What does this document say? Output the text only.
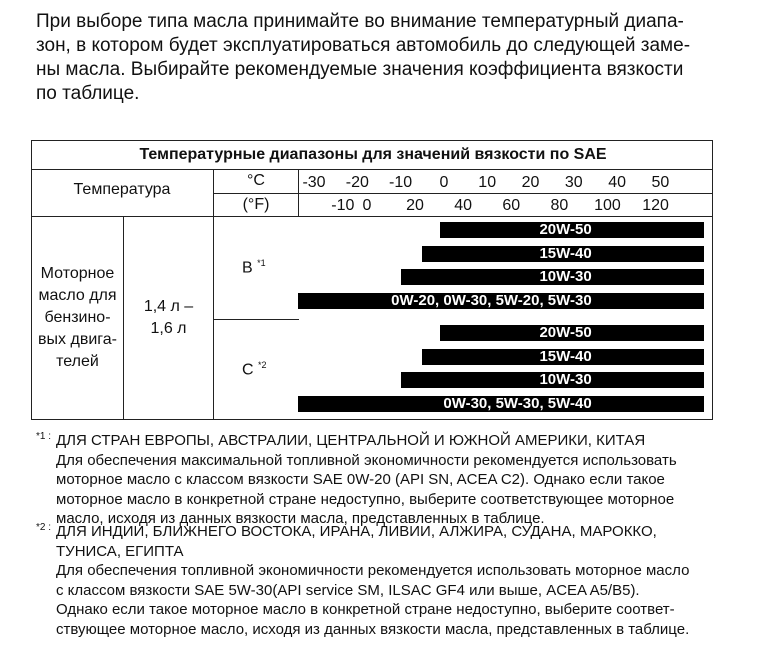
При выборе типа масла принимайте во внимание температурный диапа-
зон, в котором будет эксплуатироваться автомобиль до следующей заме-
ны масла. Выбирайте рекомендуемые значения коэффициента вязкости
по таблице.
Температурные диапазоны для значений вязкости по SAE
Температура
°C
(°F)
-30 -20 -10 0 10 20 30 40 50
-10 0 20 40 60 80 100 120
Моторное
масло для
бензино-
вых двига-
телей
1,4 л –
1,6 л
B $^{*1}$
C $^{*2}$
20W-50
15W-40
10W-30
0W-20, 0W-30, 5W-20, 5W-30
20W-50
15W-40
10W-30
0W-30, 5W-30, 5W-40
*1 : ДЛЯ СТРАН ЕВРОПЫ, АВСТРАЛИИ, ЦЕНТРАЛЬНОЙ И ЮЖНОЙ АМЕРИКИ, КИТАЯ
Для обеспечения максимальной топливной экономичности рекомендуется использовать
моторное масло с классом вязкости SAE 0W-20 (API SN, ACEA C2). Однако если такое
моторное масло в конкретной стране недоступно, выберите соответствующее моторное
масло, исходя из данных вязкости масла, представленных в таблице.
*2 : ДЛЯ ИНДИИ, БЛИЖНЕГО ВОСТОКА, ИРАНА, ЛИВИИ, АЛЖИРА, СУДАНА, МАРОККО,
ТУНИСА, ЕГИПТА
Для обеспечения топливной экономичности рекомендуется использовать моторное масло
с классом вязкости SAE 5W-30(API service SM, ILSAC GF4 или выше, ACEA A5/B5).
Однако если такое моторное масло в конкретной стране недоступно, выберите соответ-
ствующее моторное масло, исходя из данных вязкости масла, представленных в таблице.
